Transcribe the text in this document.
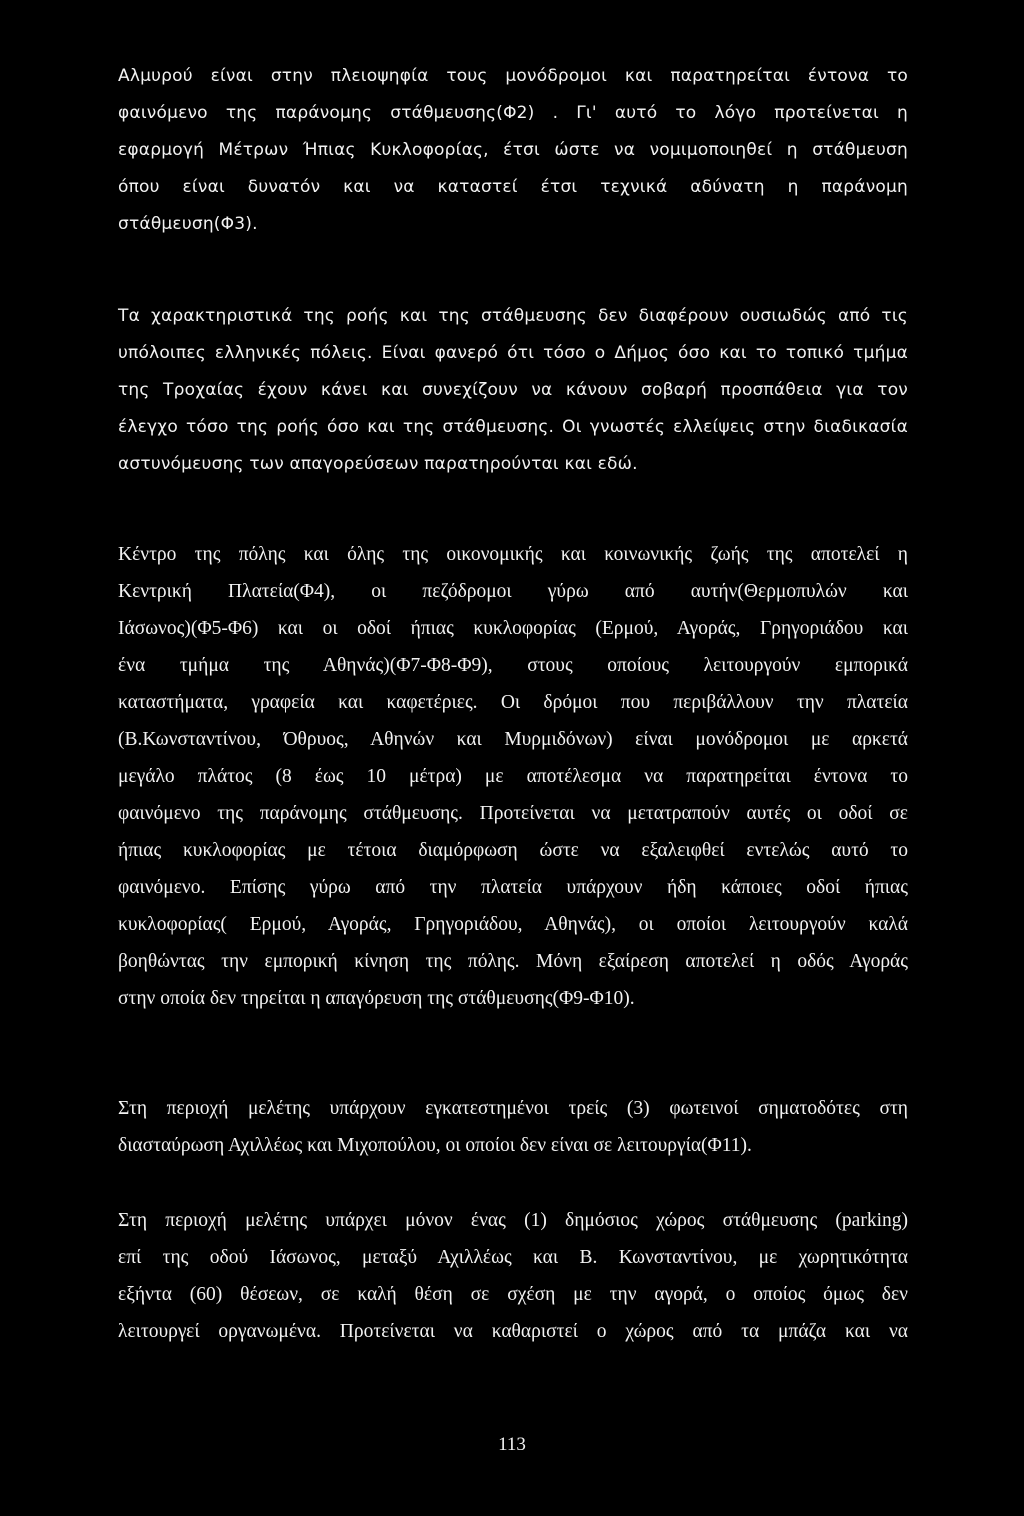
Αλμυρού είναι στην πλειοψηφία τους μονόδρομοι και παρατηρείται έντονα το
φαινόμενο της παράνομης στάθμευσης(Φ2) . Γι' αυτό το λόγο προτείνεται η
εφαρμογή Μέτρων Ήπιας Κυκλοφορίας, έτσι ώστε να νομιμοποιηθεί η στάθμευση
όπου είναι δυνατόν και να καταστεί έτσι τεχνικά αδύνατη η παράνομη
στάθμευση(Φ3).
Τα χαρακτηριστικά της ροής και της στάθμευσης δεν διαφέρουν ουσιωδώς από τις
υπόλοιπες ελληνικές πόλεις. Είναι φανερό ότι τόσο ο Δήμος όσο και το τοπικό τμήμα
της Τροχαίας έχουν κάνει και συνεχίζουν να κάνουν σοβαρή προσπάθεια για τον
έλεγχο τόσο της ροής όσο και της στάθμευσης. Οι γνωστές ελλείψεις στην διαδικασία
αστυνόμευσης των απαγορεύσεων παρατηρούνται και εδώ.
Κέντρο της πόλης και όλης της οικονομικής και κοινωνικής ζωής της αποτελεί η
Κεντρική Πλατεία(Φ4), οι πεζόδρομοι γύρω από αυτήν(Θερμοπυλών και
Ιάσωνος)(Φ5-Φ6) και οι οδοί ήπιας κυκλοφορίας (Ερμού, Αγοράς, Γρηγοριάδου και
ένα τμήμα της Αθηνάς)(Φ7-Φ8-Φ9), στους οποίους λειτουργούν εμπορικά
καταστήματα, γραφεία και καφετέριες. Οι δρόμοι που περιβάλλουν την πλατεία
(Β.Κωνσταντίνου, Όθρυος, Αθηνών και Μυρμιδόνων) είναι μονόδρομοι με αρκετά
μεγάλο πλάτος (8 έως 10 μέτρα) με αποτέλεσμα να παρατηρείται έντονα το
φαινόμενο της παράνομης στάθμευσης. Προτείνεται να μετατραπούν αυτές οι οδοί σε
ήπιας κυκλοφορίας με τέτοια διαμόρφωση ώστε να εξαλειφθεί εντελώς αυτό το
φαινόμενο. Επίσης γύρω από την πλατεία υπάρχουν ήδη κάποιες οδοί ήπιας
κυκλοφορίας( Ερμού, Αγοράς, Γρηγοριάδου, Αθηνάς), οι οποίοι λειτουργούν καλά
βοηθώντας την εμπορική κίνηση της πόλης. Μόνη εξαίρεση αποτελεί η οδός Αγοράς
στην οποία δεν τηρείται η απαγόρευση της στάθμευσης(Φ9-Φ10).
Στη περιοχή μελέτης υπάρχουν εγκατεστημένοι τρείς (3) φωτεινοί σηματοδότες στη
διασταύρωση Αχιλλέως και Μιχοπούλου, οι οποίοι δεν είναι σε λειτουργία(Φ11).
Στη περιοχή μελέτης υπάρχει μόνον ένας (1) δημόσιος χώρος στάθμευσης (parking)
επί της οδού Ιάσωνος, μεταξύ Αχιλλέως και Β. Κωνσταντίνου, με χωρητικότητα
εξήντα (60) θέσεων, σε καλή θέση σε σχέση με την αγορά, ο οποίος όμως δεν
λειτουργεί οργανωμένα. Προτείνεται να καθαριστεί ο χώρος από τα μπάζα και να
113
